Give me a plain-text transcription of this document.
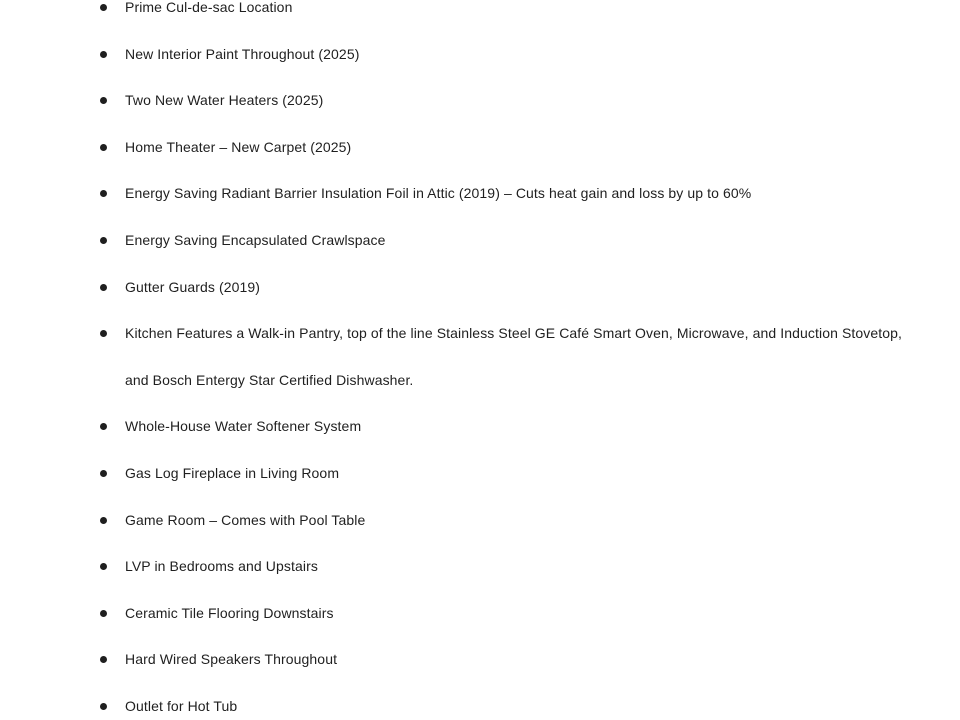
Prime Cul-de-sac Location
New Interior Paint Throughout (2025)
Two New Water Heaters (2025)
Home Theater – New Carpet (2025)
Energy Saving Radiant Barrier Insulation Foil in Attic (2019) – Cuts heat gain and loss by up to 60%
Energy Saving Encapsulated Crawlspace
Gutter Guards (2019)
Kitchen Features a Walk-in Pantry, top of the line Stainless Steel GE Café Smart Oven, Microwave, and Induction Stovetop, and Bosch Entergy Star Certified Dishwasher.
Whole-House Water Softener System
Gas Log Fireplace in Living Room
Game Room – Comes with Pool Table
LVP in Bedrooms and Upstairs
Ceramic Tile Flooring Downstairs
Hard Wired Speakers Throughout
Outlet for Hot Tub
